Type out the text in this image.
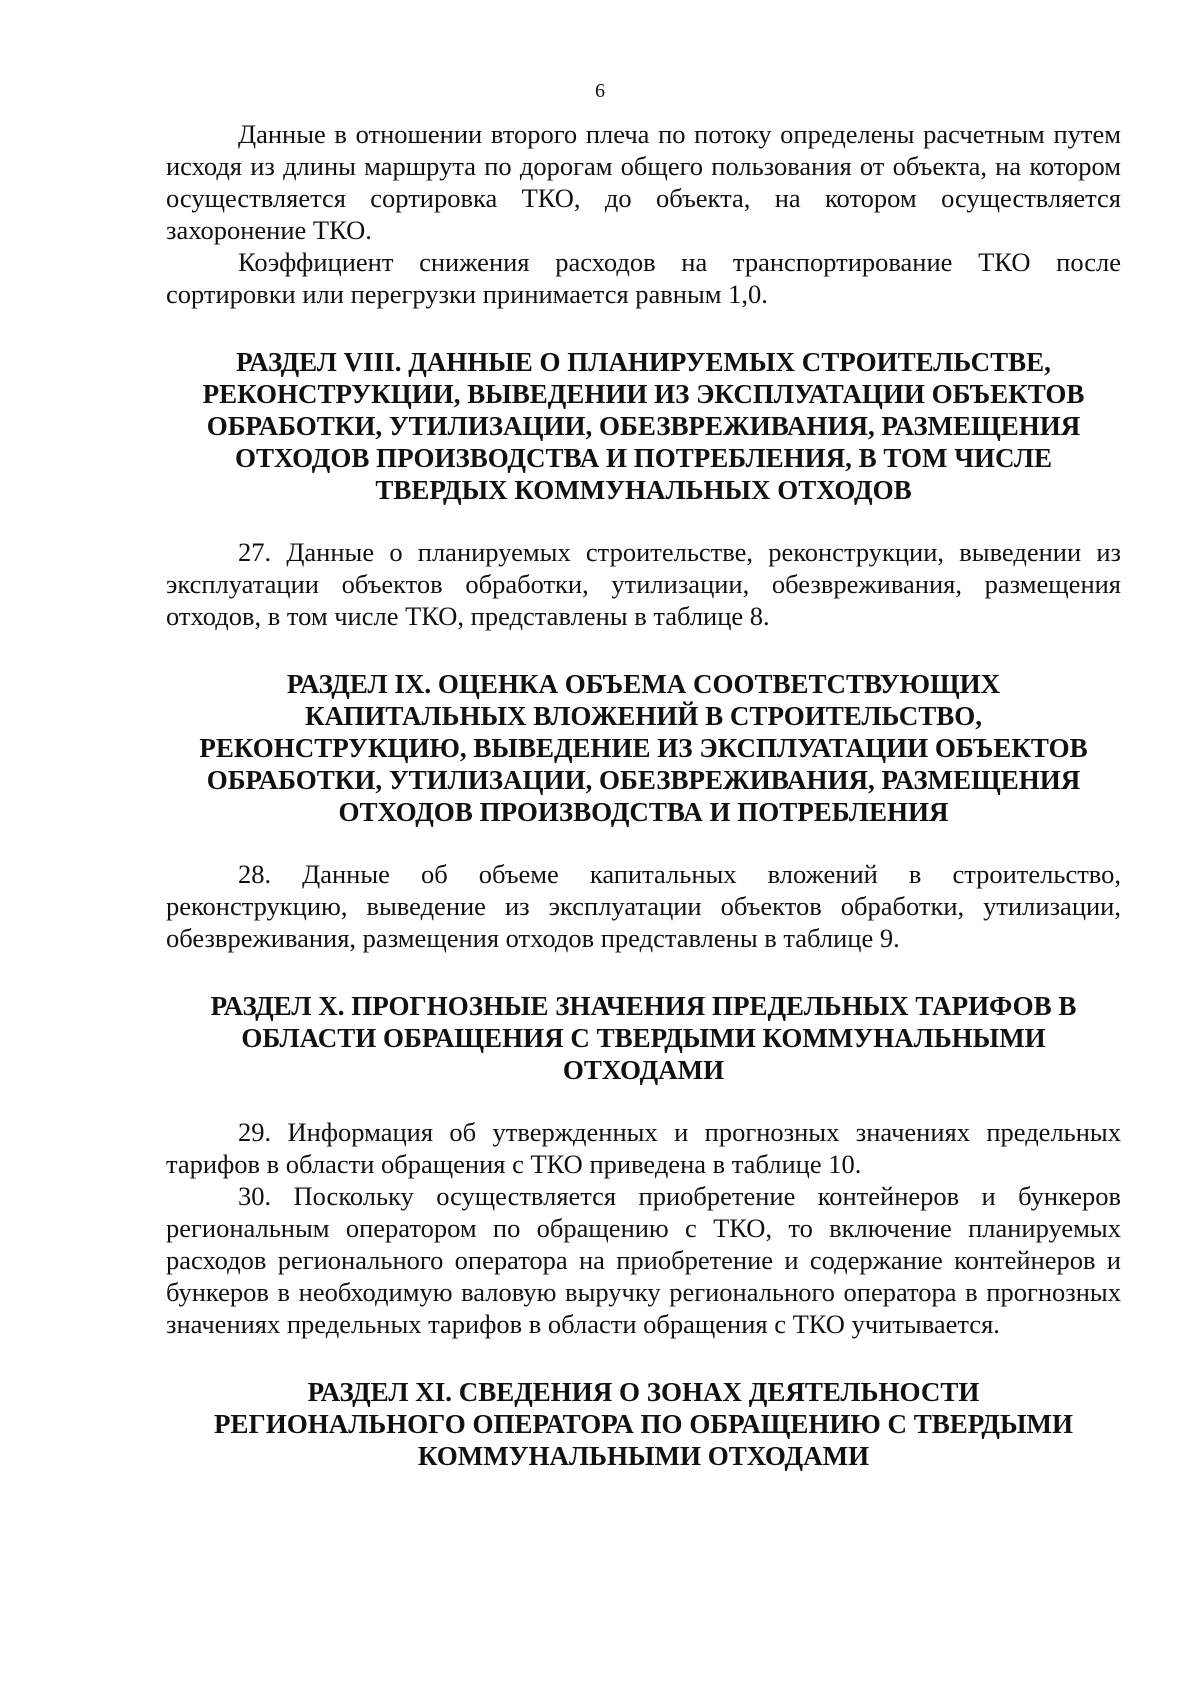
6

Данные в отношении второго плеча по потоку определены расчетным путем исходя из длины маршрута по дорогам общего пользования от объекта, на котором осуществляется сортировка ТКО, до объекта, на котором осуществляется захоронение ТКО.

Коэффициент снижения расходов на транспортирование ТКО после сортировки или перегрузки принимается равным 1,0.

РАЗДЕЛ VIII. ДАННЫЕ О ПЛАНИРУЕМЫХ СТРОИТЕЛЬСТВЕ,
РЕКОНСТРУКЦИИ, ВЫВЕДЕНИИ ИЗ ЭКСПЛУАТАЦИИ ОБЪЕКТОВ
ОБРАБОТКИ, УТИЛИЗАЦИИ, ОБЕЗВРЕЖИВАНИЯ, РАЗМЕЩЕНИЯ
ОТХОДОВ ПРОИЗВОДСТВА И ПОТРЕБЛЕНИЯ, В ТОМ ЧИСЛЕ
ТВЕРДЫХ КОММУНАЛЬНЫХ ОТХОДОВ

27. Данные о планируемых строительстве, реконструкции, выведении из эксплуатации объектов обработки, утилизации, обезвреживания, размещения отходов, в том числе ТКО, представлены в таблице 8.

РАЗДЕЛ IX. ОЦЕНКА ОБЪЕМА СООТВЕТСТВУЮЩИХ
КАПИТАЛЬНЫХ ВЛОЖЕНИЙ В СТРОИТЕЛЬСТВО,
РЕКОНСТРУКЦИЮ, ВЫВЕДЕНИЕ ИЗ ЭКСПЛУАТАЦИИ ОБЪЕКТОВ
ОБРАБОТКИ, УТИЛИЗАЦИИ, ОБЕЗВРЕЖИВАНИЯ, РАЗМЕЩЕНИЯ
ОТХОДОВ ПРОИЗВОДСТВА И ПОТРЕБЛЕНИЯ

28. Данные об объеме капитальных вложений в строительство, реконструкцию, выведение из эксплуатации объектов обработки, утилизации, обезвреживания, размещения отходов представлены в таблице 9.

РАЗДЕЛ X. ПРОГНОЗНЫЕ ЗНАЧЕНИЯ ПРЕДЕЛЬНЫХ ТАРИФОВ В
ОБЛАСТИ ОБРАЩЕНИЯ С ТВЕРДЫМИ КОММУНАЛЬНЫМИ
ОТХОДАМИ

29. Информация об утвержденных и прогнозных значениях предельных тарифов в области обращения с ТКО приведена в таблице 10.

30. Поскольку осуществляется приобретение контейнеров и бункеров региональным оператором по обращению с ТКО, то включение планируемых расходов регионального оператора на приобретение и содержание контейнеров и бункеров в необходимую валовую выручку регионального оператора в прогнозных значениях предельных тарифов в области обращения с ТКО учитывается.

РАЗДЕЛ XI. СВЕДЕНИЯ О ЗОНАХ ДЕЯТЕЛЬНОСТИ
РЕГИОНАЛЬНОГО ОПЕРАТОРА ПО ОБРАЩЕНИЮ С ТВЕРДЫМИ
КОММУНАЛЬНЫМИ ОТХОДАМИ
